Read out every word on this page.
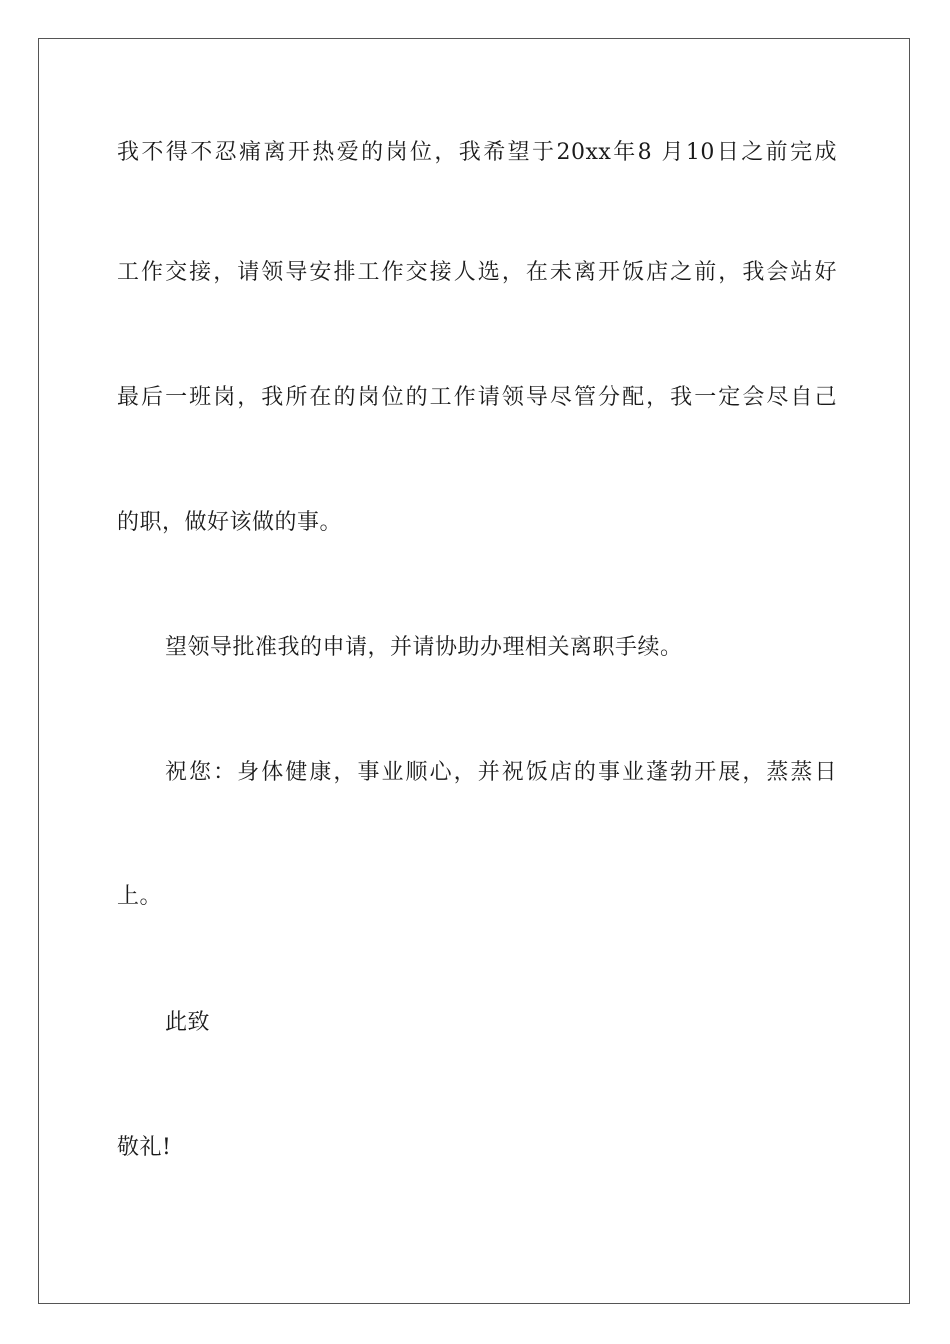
我不得不忍痛离开热爱的岗位，我希望于20xx年8 月10日之前完成
工作交接，请领导安排工作交接人选，在未离开饭店之前，我会站好
最后一班岗，我所在的岗位的工作请领导尽管分配，我一定会尽自己
的职，做好该做的事。
望领导批准我的申请，并请协助办理相关离职手续。
祝您：身体健康，事业顺心，并祝饭店的事业蓬勃开展，蒸蒸日
上。
此致
敬礼!
